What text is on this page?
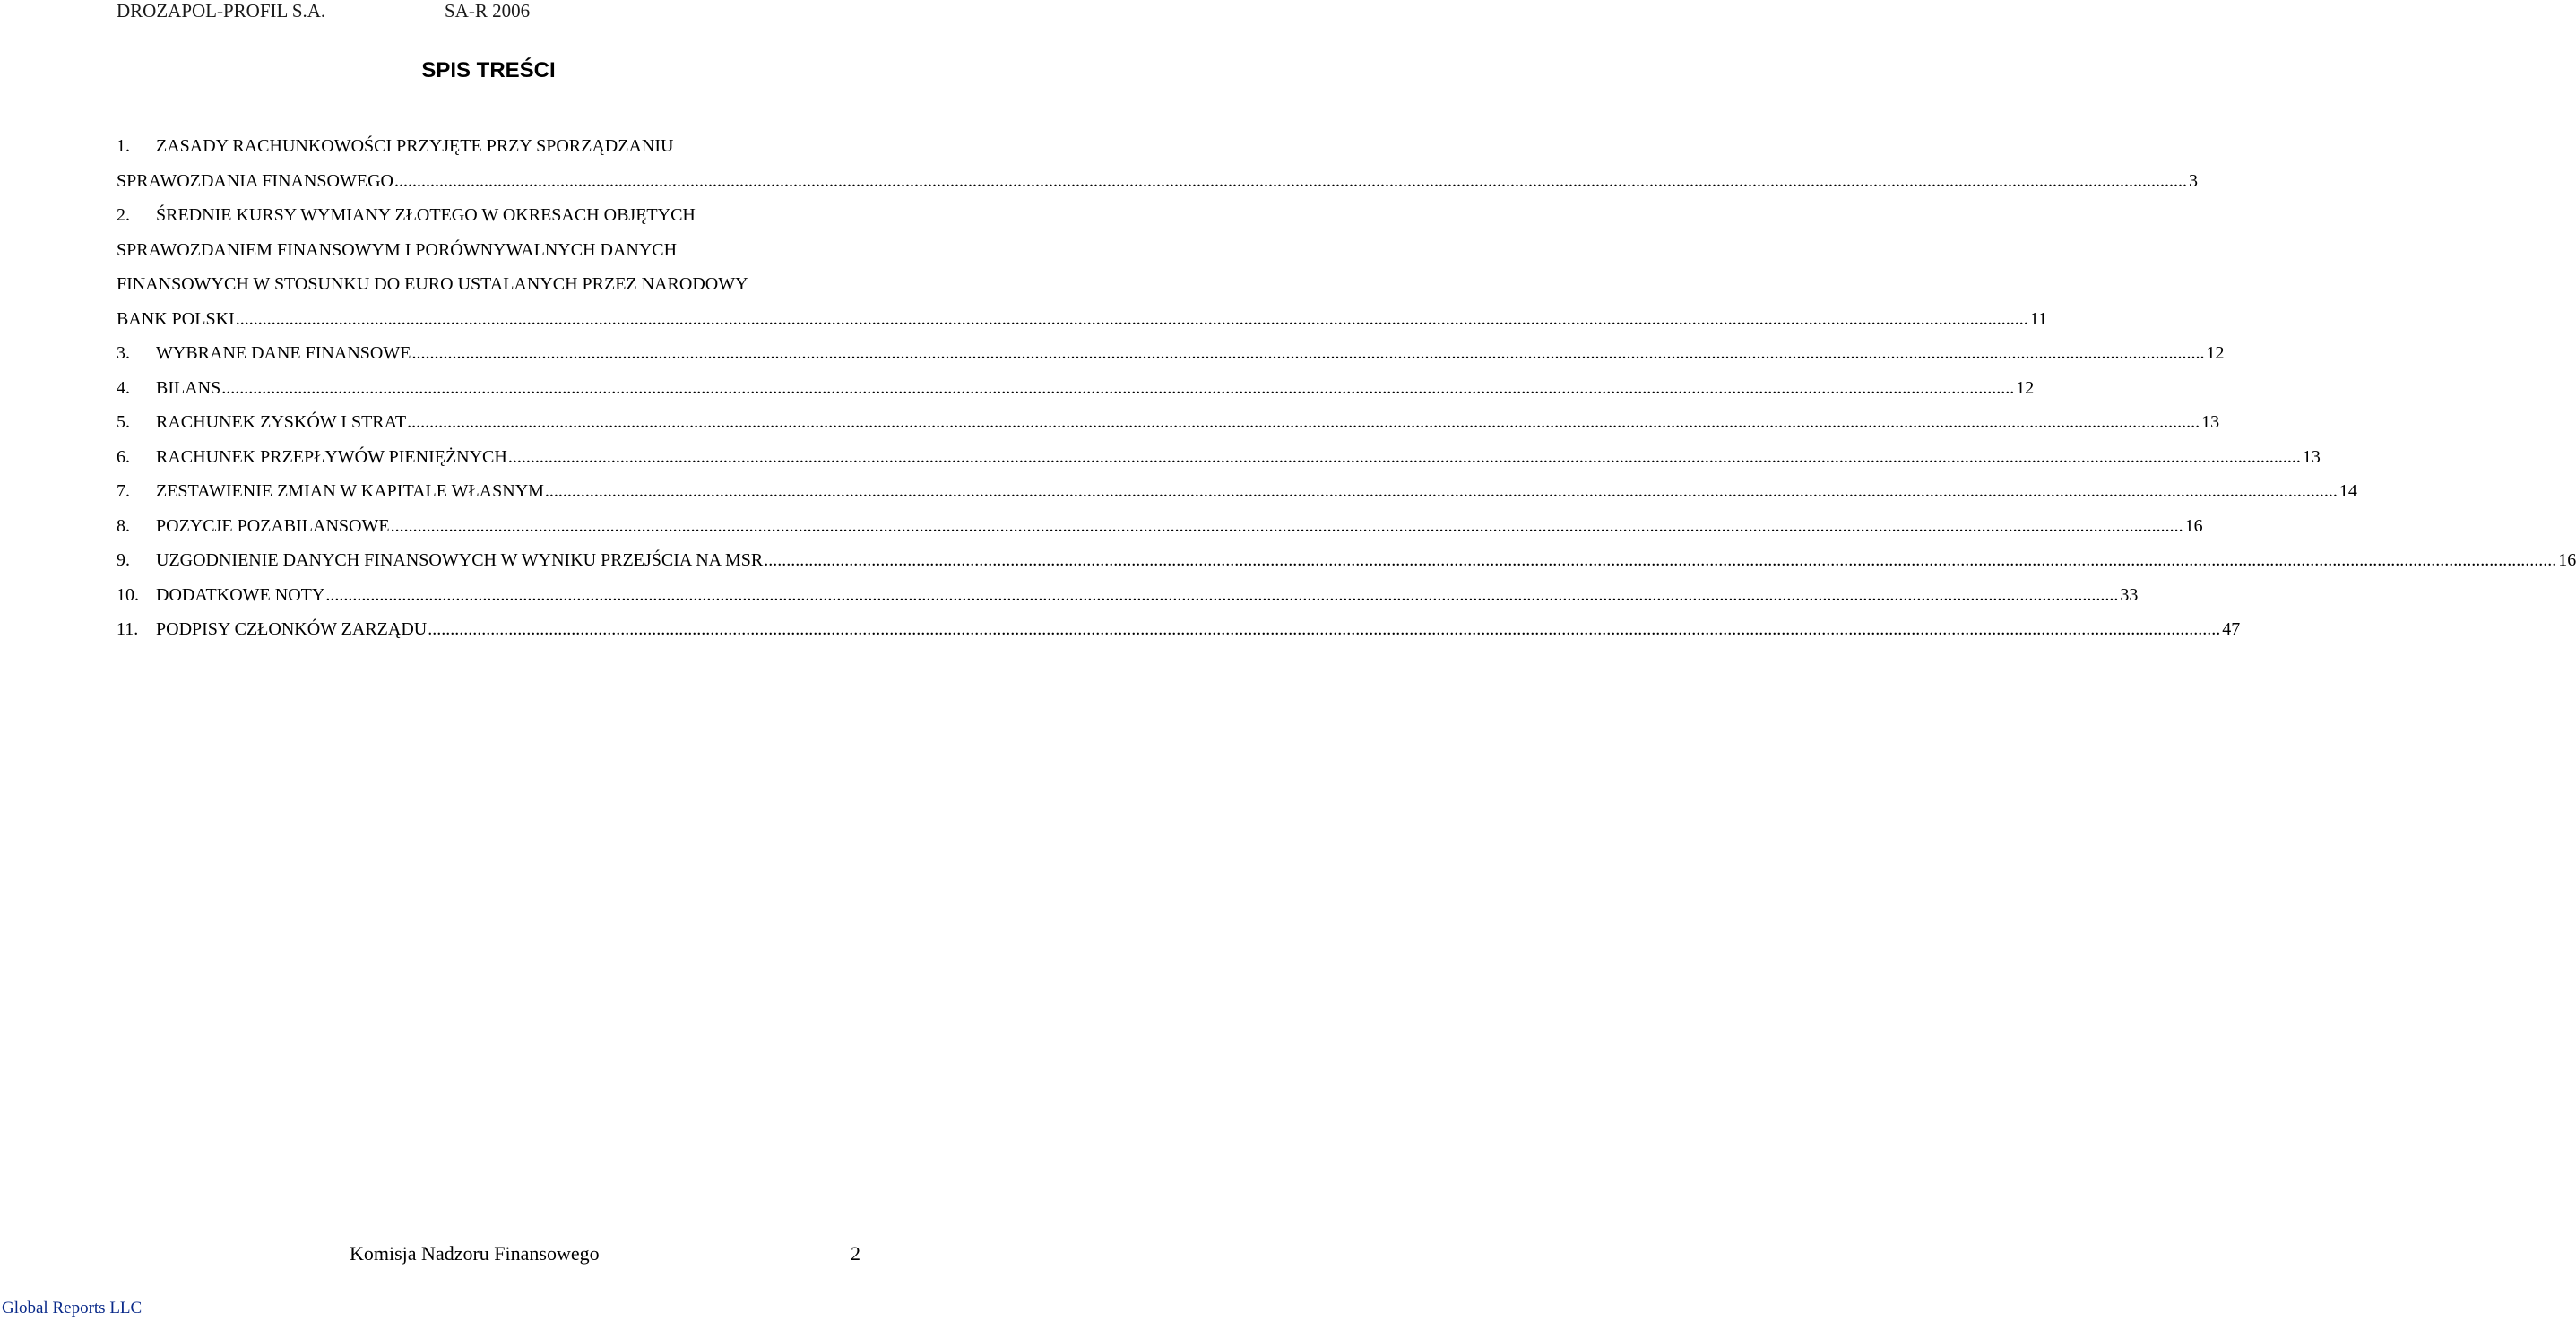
DROZAPOL-PROFIL S.A.	SA-R 2006
SPIS TREŚCI
1.	ZASADY RACHUNKOWOŚCI PRZYJĘTE PRZY SPORZĄDZANIU
SPRAWOZDANIA FINANSOWEGO ................................................................................................................................................................................................................................................................................................................................................................................................................ 3
2.	ŚREDNIE KURSY WYMIANY ZŁOTEGO W OKRESACH OBJĘTYCH
SPRAWOZDANIEM FINANSOWYM I PORÓWNYWALNYCH DANYCH
FINANSOWYCH W STOSUNKU DO EURO USTALANYCH PRZEZ NARODOWY
BANK POLSKI ................................................................................................................................................................................................................................................................................................................................................................................................................ 11
3.	WYBRANE DANE FINANSOWE ................................................................................................................................................................................................................................................................................................................................................................................................................ 12
4.	BILANS ................................................................................................................................................................................................................................................................................................................................................................................................................ 12
5.	RACHUNEK ZYSKÓW I STRAT ................................................................................................................................................................................................................................................................................................................................................................................................................ 13
6.	RACHUNEK PRZEPŁYWÓW PIENIĘŻNYCH ................................................................................................................................................................................................................................................................................................................................................................................................................ 13
7.	ZESTAWIENIE ZMIAN W KAPITALE WŁASNYM ................................................................................................................................................................................................................................................................................................................................................................................................................ 14
8.	POZYCJE POZABILANSOWE ................................................................................................................................................................................................................................................................................................................................................................................................................ 16
9.	UZGODNIENIE DANYCH FINANSOWYCH W WYNIKU PRZEJŚCIA NA MSR ................................................................................................................................................................................................................................................................................................................................................................................................................ 16
10. DODATKOWE NOTY ................................................................................................................................................................................................................................................................................................................................................................................................................ 33
11. PODPISY CZŁONKÓW ZARZĄDU ................................................................................................................................................................................................................................................................................................................................................................................................................ 47
Komisja Nadzoru Finansowego	2
Global Reports LLC
